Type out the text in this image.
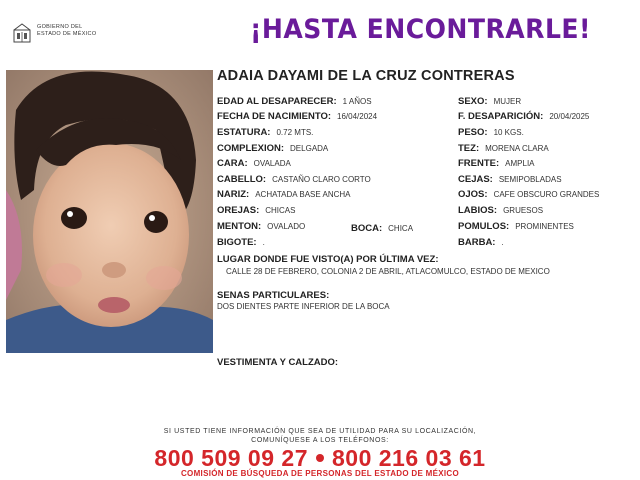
GOBIERNO DEL
ESTADO DE MÉXICO	¡HASTA ENCONTRARLE!
ADAIA DAYAMI DE LA CRUZ CONTRERAS
EDAD AL DESAPARECER: 1 AÑOS
FECHA DE NACIMIENTO: 16/04/2024
ESTATURA: 0.72 MTS.
COMPLEXION: DELGADA
CARA: OVALADA
CABELLO: CASTAÑO CLARO CORTO
NARIZ: ACHATADA BASE ANCHA
OREJAS: CHICAS
MENTON: OVALADO
BIGOTE: .
BOCA: CHICA
SEXO: MUJER
F. DESAPARICIÓN: 20/04/2025
PESO: 10 KGS.
TEZ: MORENA CLARA
FRENTE: AMPLIA
CEJAS: SEMIPOBLADAS
OJOS: CAFE OBSCURO GRANDES
LABIOS: GRUESOS
POMULOS: PROMINENTES
BARBA: .
LUGAR DONDE FUE VISTO(A) POR ÚLTIMA VEZ:
CALLE 28 DE FEBRERO, COLONIA 2 DE ABRIL, ATLACOMULCO, ESTADO DE MEXICO
SENAS PARTICULARES:
DOS DIENTES PARTE INFERIOR DE LA BOCA
VESTIMENTA Y CALZADO:
SI USTED TIENE INFORMACIÓN QUE SEA DE UTILIDAD PARA SU LOCALIZACIÓN,
COMUNÍQUESE A LOS TELÉFONOS:
800 509 09 27 800 216 03 61
COMISIÓN DE BÚSQUEDA DE PERSONAS DEL ESTADO DE MÉXICO
